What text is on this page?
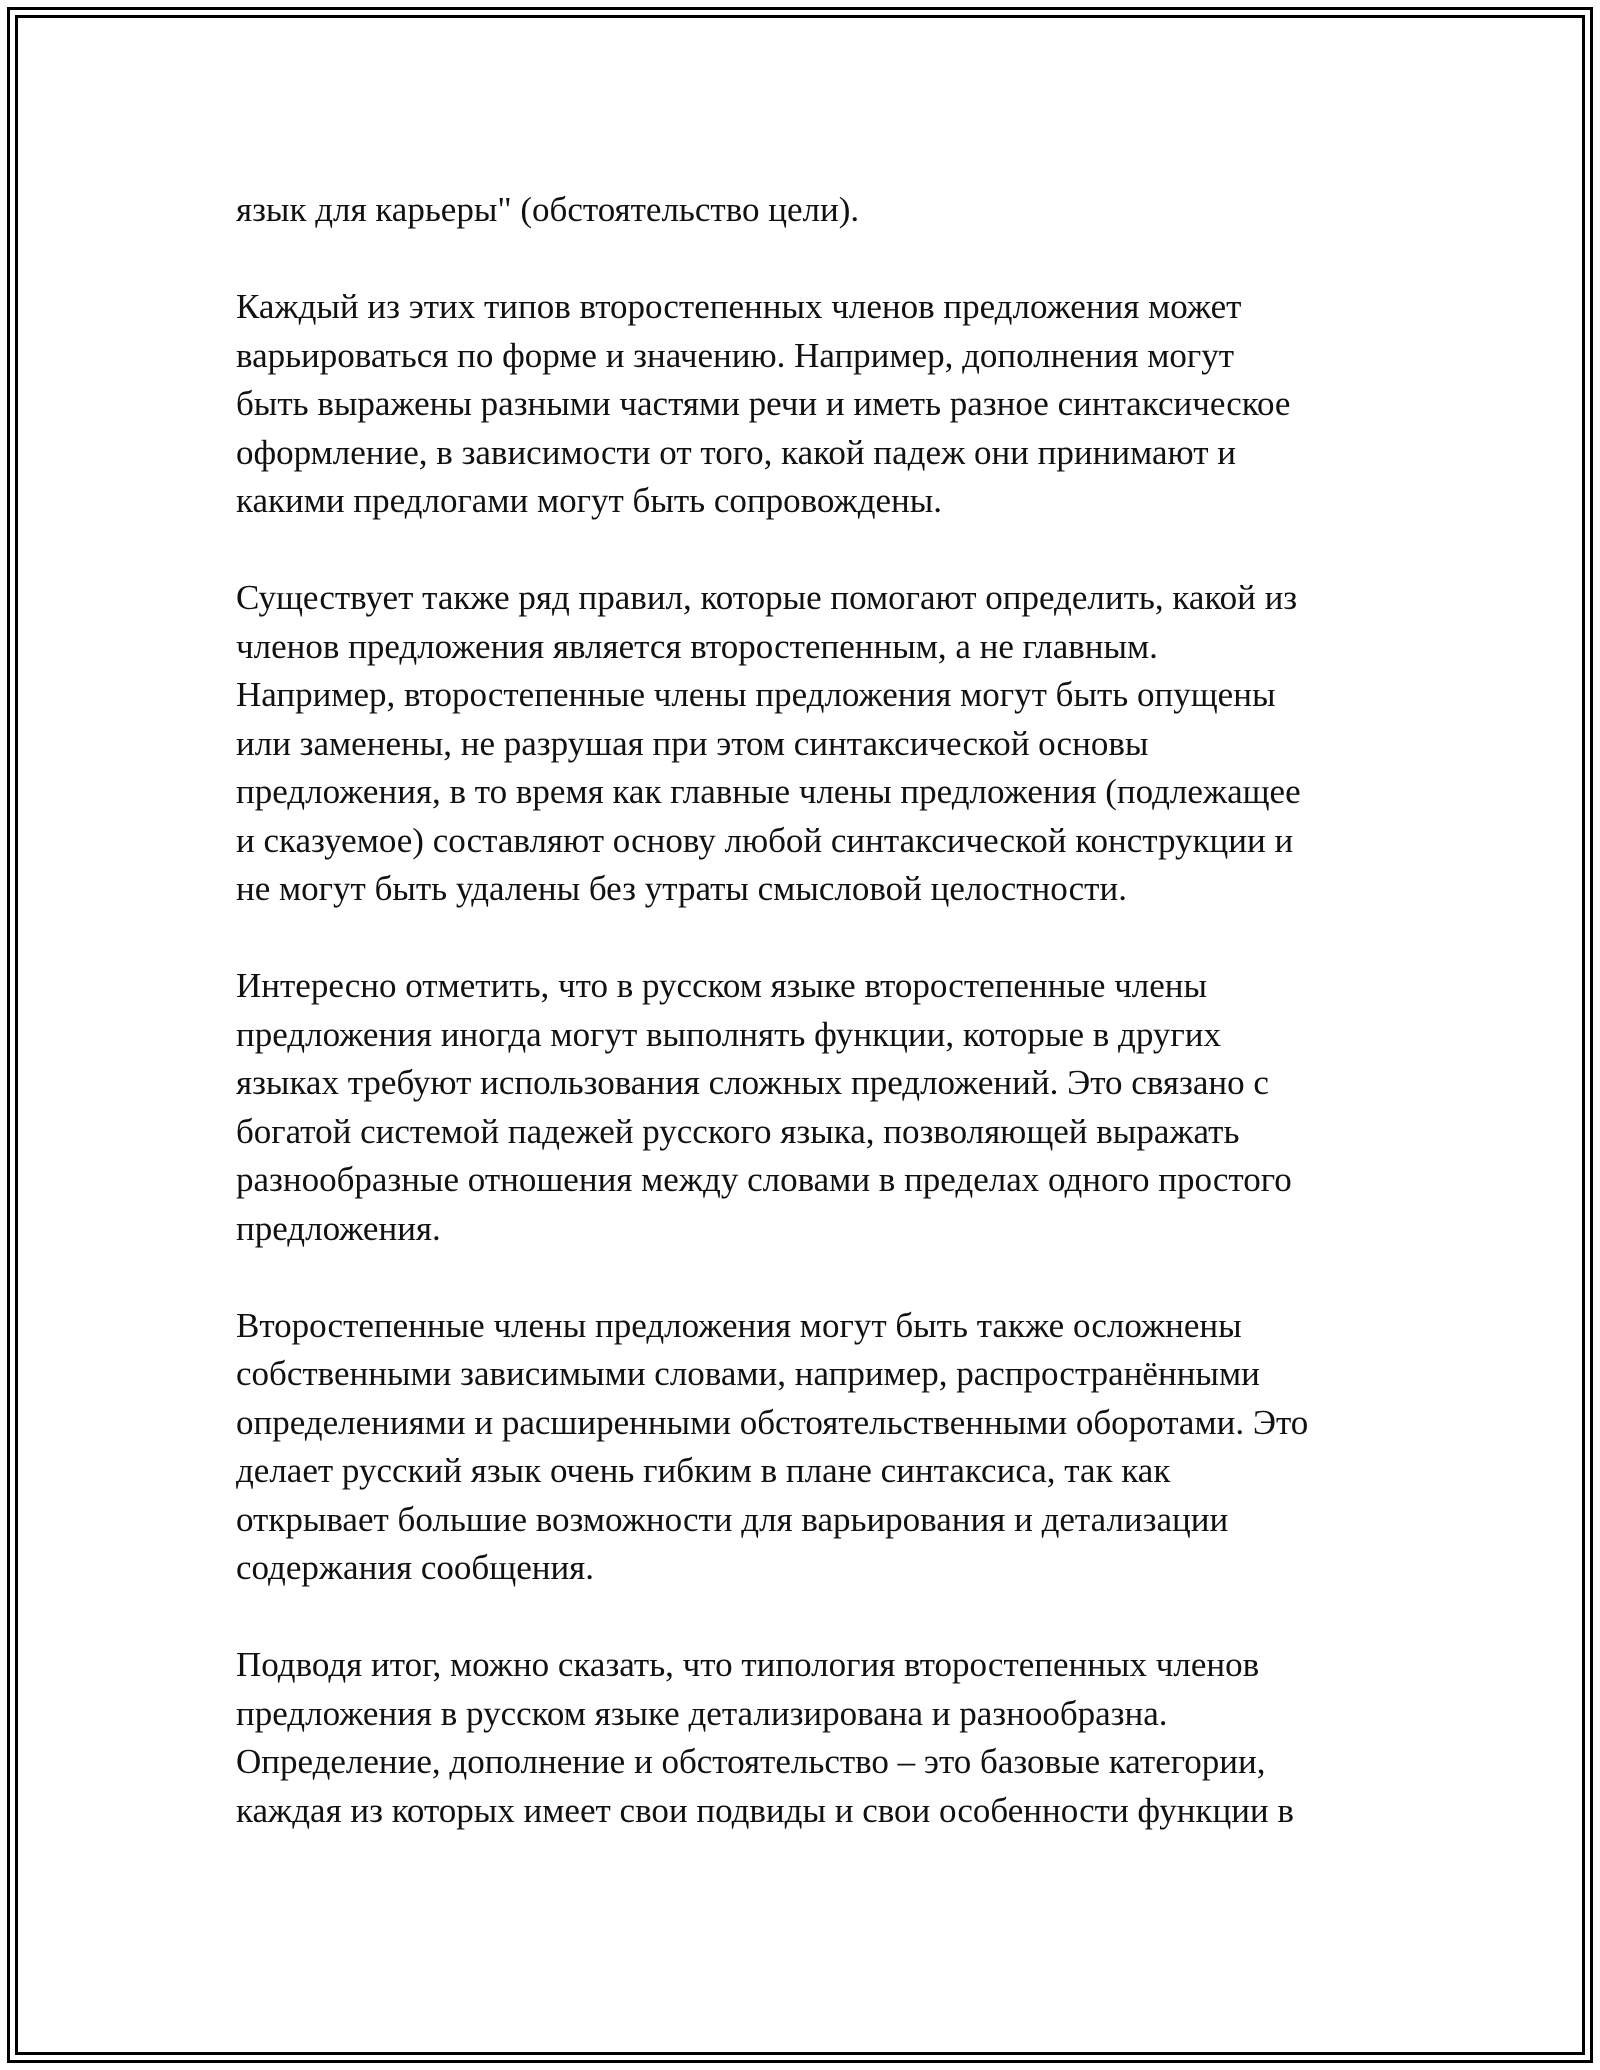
язык для карьеры" (обстоятельство цели).
Каждый из этих типов второстепенных членов предложения может
варьироваться по форме и значению. Например, дополнения могут
быть выражены разными частями речи и иметь разное синтаксическое
оформление, в зависимости от того, какой падеж они принимают и
какими предлогами могут быть сопровождены.
Существует также ряд правил, которые помогают определить, какой из
членов предложения является второстепенным, а не главным.
Например, второстепенные члены предложения могут быть опущены
или заменены, не разрушая при этом синтаксической основы
предложения, в то время как главные члены предложения (подлежащее
и сказуемое) составляют основу любой синтаксической конструкции и
не могут быть удалены без утраты смысловой целостности.
Интересно отметить, что в русском языке второстепенные члены
предложения иногда могут выполнять функции, которые в других
языках требуют использования сложных предложений. Это связано с
богатой системой падежей русского языка, позволяющей выражать
разнообразные отношения между словами в пределах одного простого
предложения.
Второстепенные члены предложения могут быть также осложнены
собственными зависимыми словами, например, распространёнными
определениями и расширенными обстоятельственными оборотами. Это
делает русский язык очень гибким в плане синтаксиса, так как
открывает большие возможности для варьирования и детализации
содержания сообщения.
Подводя итог, можно сказать, что типология второстепенных членов
предложения в русском языке детализирована и разнообразна.
Определение, дополнение и обстоятельство – это базовые категории,
каждая из которых имеет свои подвиды и свои особенности функции в
